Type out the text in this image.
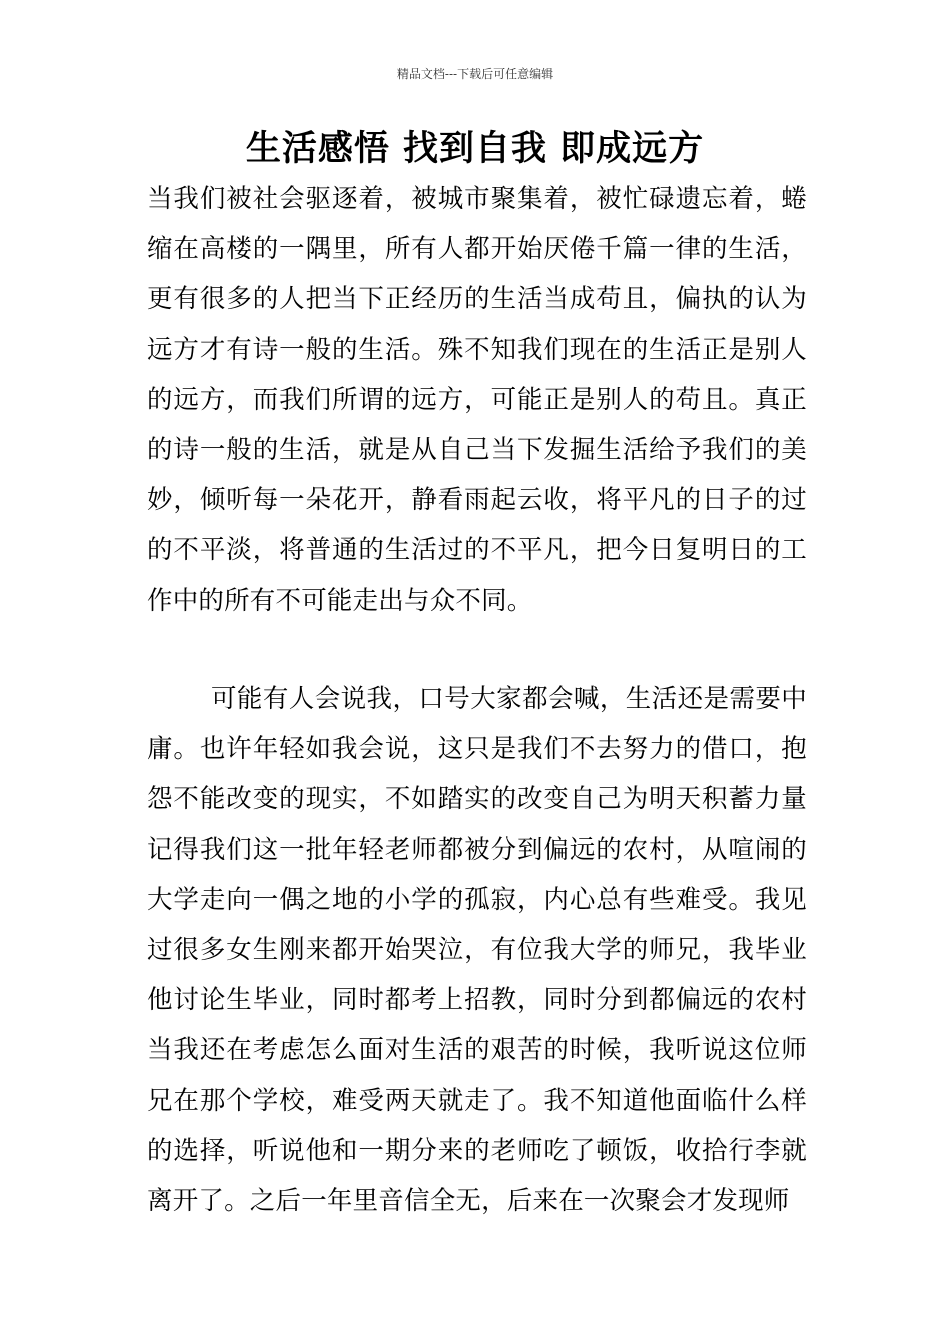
精品文档---下载后可任意编辑
生活感悟 找到自我 即成远方

当我们被社会驱逐着，被城市聚集着，被忙碌遗忘着，蜷缩在高楼的一隅里，所有人都开始厌倦千篇一律的生活，更有很多的人把当下正经历的生活当成苟且，偏执的认为远方才有诗一般的生活。殊不知我们现在的生活正是别人的远方，而我们所谓的远方，可能正是别人的苟且。真正的诗一般的生活，就是从自己当下发掘生活给予我们的美妙，倾听每一朵花开，静看雨起云收，将平凡的日子的过的不平淡，将普通的生活过的不平凡，把今日复明日的工作中的所有不可能走出与众不同。

可能有人会说我，口号大家都会喊，生活还是需要中庸。也许年轻如我会说，这只是我们不去努力的借口，抱怨不能改变的现实，不如踏实的改变自己为明天积蓄力量记得我们这一批年轻老师都被分到偏远的农村，从喧闹的大学走向一偶之地的小学的孤寂，内心总有些难受。我见过很多女生刚来都开始哭泣，有位我大学的师兄，我毕业他讨论生毕业，同时都考上招教，同时分到都偏远的农村当我还在考虑怎么面对生活的艰苦的时候，我听说这位师兄在那个学校，难受两天就走了。我不知道他面临什么样的选择，听说他和一期分来的老师吃了顿饭，收拾行李就离开了。之后一年里音信全无，后来在一次聚会才发现师
